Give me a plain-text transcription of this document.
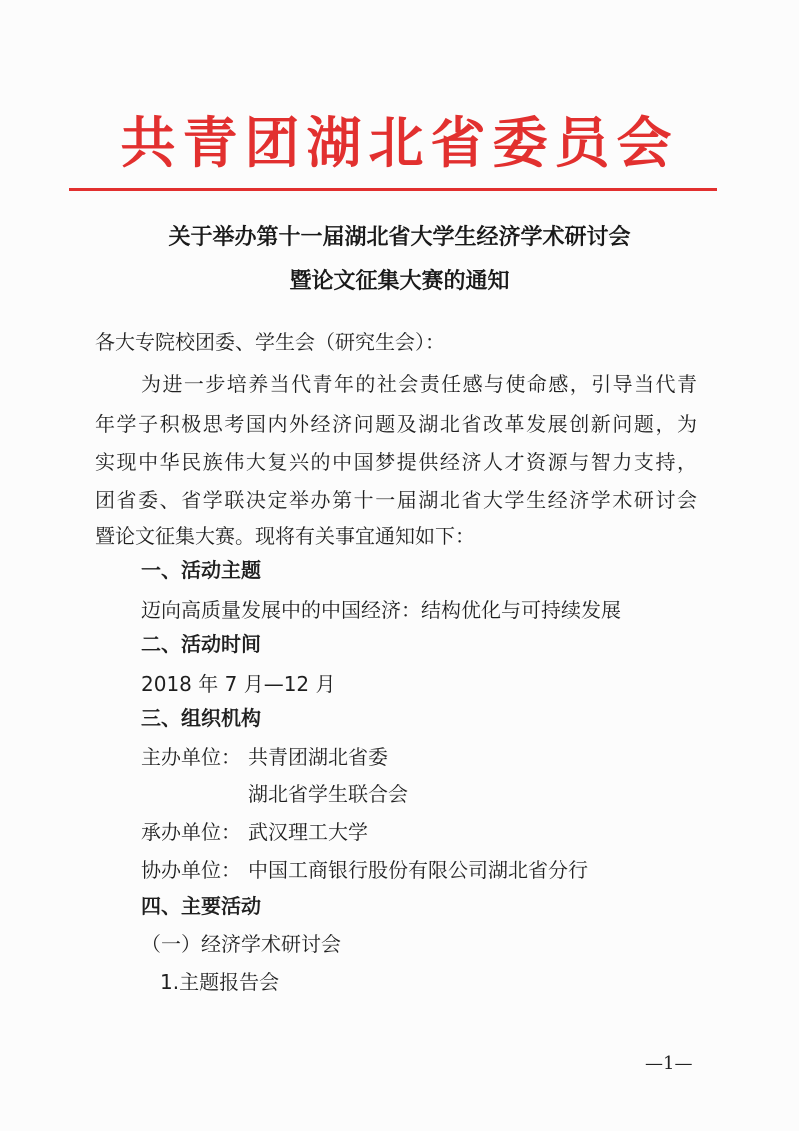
共青团湖北省委员会
关于举办第十一届湖北省大学生经济学术研讨会
暨论文征集大赛的通知
各大专院校团委、学生会（研究生会）：
为进一步培养当代青年的社会责任感与使命感，引导当代青
年学子积极思考国内外经济问题及湖北省改革发展创新问题，为
实现中华民族伟大复兴的中国梦提供经济人才资源与智力支持，
团省委、省学联决定举办第十一届湖北省大学生经济学术研讨会
暨论文征集大赛。现将有关事宜通知如下：
一、活动主题
迈向高质量发展中的中国经济：结构优化与可持续发展
二、活动时间
2018 年 7 月—12 月
三、组织机构
主办单位： 共青团湖北省委
湖北省学生联合会
承办单位： 武汉理工大学
协办单位： 中国工商银行股份有限公司湖北省分行
四、主要活动
（一）经济学术研讨会
1.主题报告会
—1—
